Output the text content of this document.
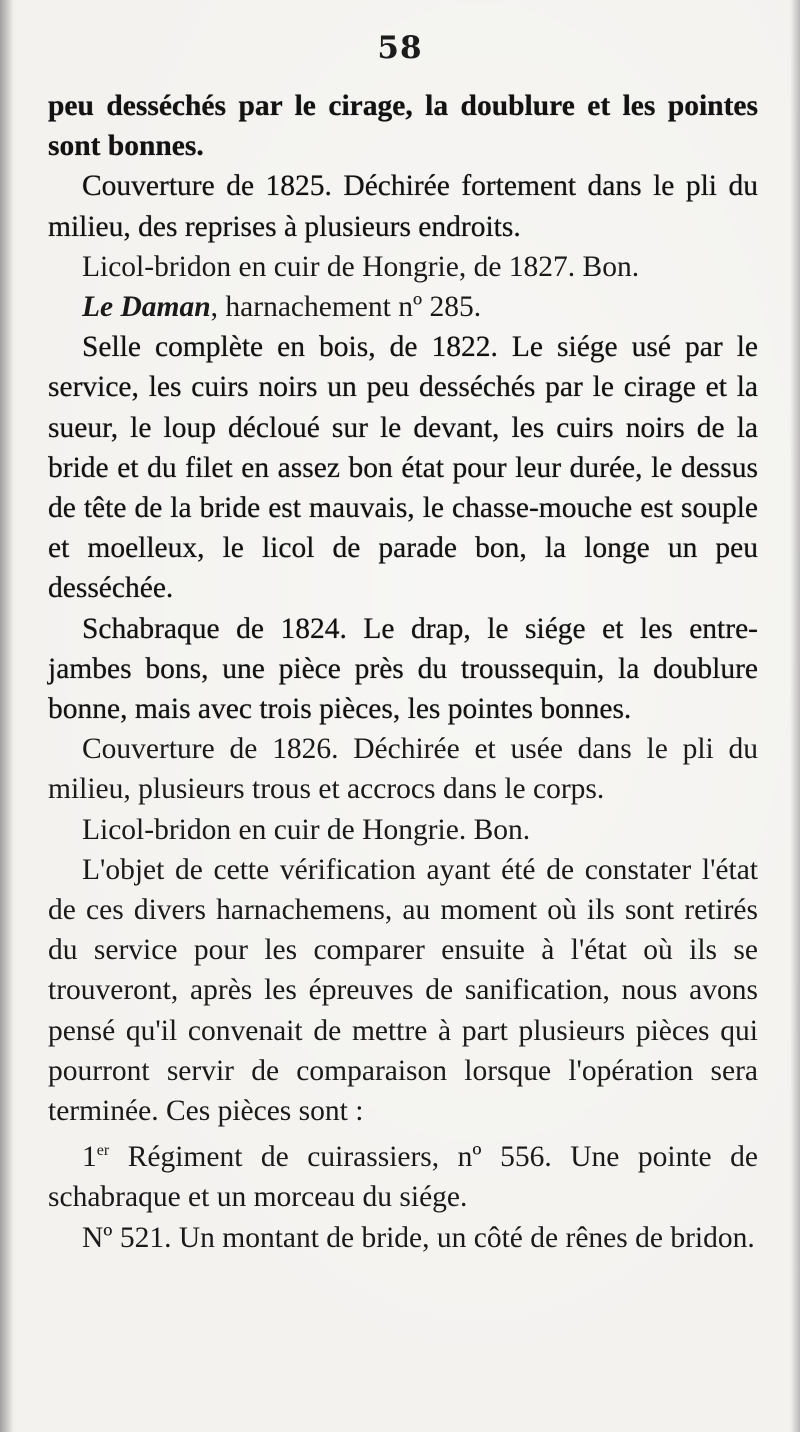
58

peu desséchés par le cirage, la doublure et les pointes sont bonnes.

Couverture de 1825. Déchirée fortement dans le pli du milieu, des reprises à plusieurs endroits.

Licol-bridon en cuir de Hongrie, de 1827. Bon.

Le Daman, harnachement nº 285.

Selle complète en bois, de 1822. Le siége usé par le service, les cuirs noirs un peu desséchés par le cirage et la sueur, le loup décloué sur le devant, les cuirs noirs de la bride et du filet en assez bon état pour leur durée, le dessus de tête de la bride est mauvais, le chasse-mouche est souple et moelleux, le licol de parade bon, la longe un peu desséchée.

Schabraque de 1824. Le drap, le siége et les entre-jambes bons, une pièce près du troussequin, la doublure bonne, mais avec trois pièces, les pointes bonnes.

Couverture de 1826. Déchirée et usée dans le pli du milieu, plusieurs trous et accrocs dans le corps.

Licol-bridon en cuir de Hongrie. Bon.

L'objet de cette vérification ayant été de constater l'état de ces divers harnachemens, au moment où ils sont retirés du service pour les comparer ensuite à l'état où ils se trouveront, après les épreuves de sanification, nous avons pensé qu'il convenait de mettre à part plusieurs pièces qui pourront servir de comparaison lorsque l'opération sera terminée. Ces pièces sont :

1er Régiment de cuirassiers, nº 556. Une pointe de schabraque et un morceau du siége.

Nº 521. Un montant de bride, un côté de rênes de bridon.
